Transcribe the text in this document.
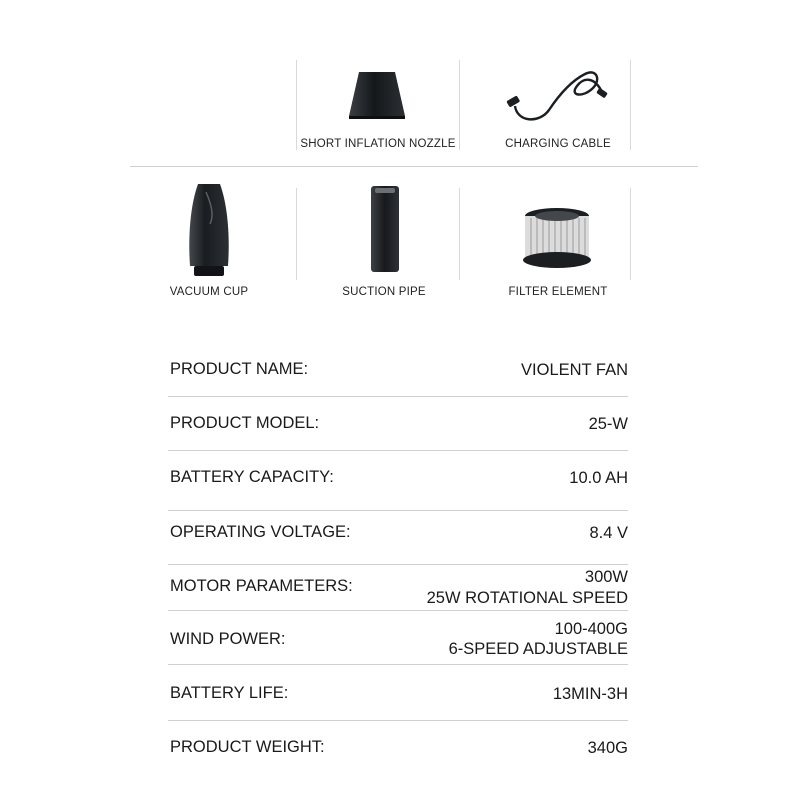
SHORT INFLATION NOZZLE	CHARGING CABLE
VACUUM CUP	SUCTION PIPE	FILTER ELEMENT
PRODUCT NAME:	VIOLENT FAN
PRODUCT MODEL:	25-W
BATTERY CAPACITY:	10.0 AH
OPERATING VOLTAGE:	8.4 V
MOTOR PARAMETERS:	300W
25W ROTATIONAL SPEED
WIND POWER:
100-400G
6-SPEED ADJUSTABLE
BATTERY LIFE:	13MIN-3H
PRODUCT WEIGHT:	340G
